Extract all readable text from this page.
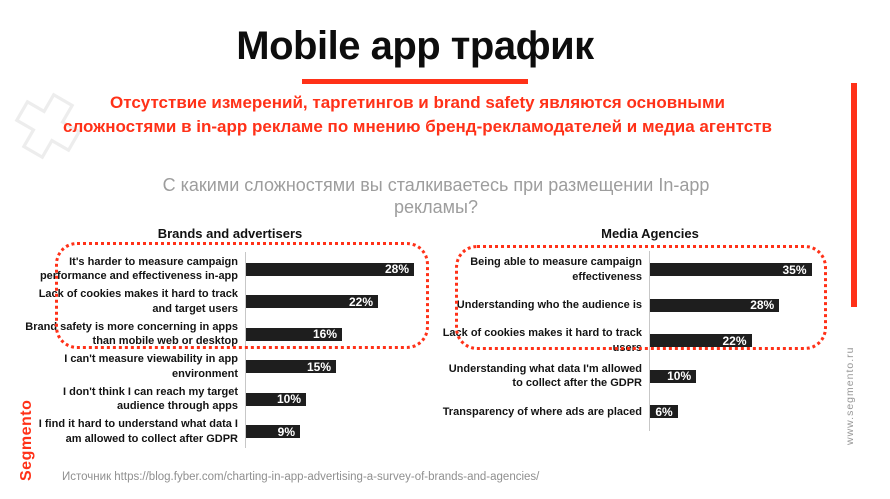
Mobile app трафик
Отсутствие измерений, таргетингов и brand safety являются основными
сложностями в in-app рекламе по мнению бренд-рекламодателей и медиа агентств
С какими сложностями вы сталкиваетесь при размещении In-app
рекламы?
Brands and advertisers	Media Agencies
It's harder to measure campaign performance and effectiveness in-app	28%
Lack of cookies makes it hard to track and target users	22%
Brand safety is more concerning in apps than mobile web or desktop	16%
I can't measure viewability in app environment	15%
I don't think I can reach my target audience through apps	10%
I find it hard to understand what data I am allowed to collect after GDPR	9%
Being able to measure campaign effectiveness	35%
Understanding who the audience is	28%
Lack of cookies makes it hard to track users	22%
Understanding what data I'm allowed to collect after the GDPR	10%
Transparency of where ads are placed	6%
Источник https://blog.fyber.com/charting-in-app-advertising-a-survey-of-brands-and-agencies/
Segmento	www.segmento.ru
